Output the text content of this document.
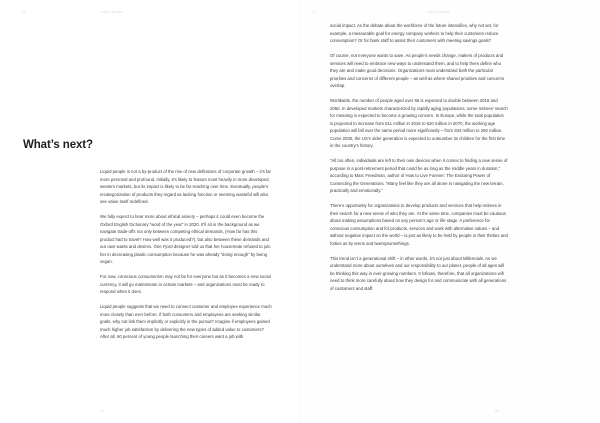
16	Liquid people
What’s next?

Liquid people is not a by-product of the rise of new definitions of corporate growth – it’s far more personal and profound. Initially, it’s likely to feature most heavily in more developed, western markets, but its impact is likely to be far-reaching over time. Eventually, people’s recategorization of products they regard as lacking function or seeming wasteful will also see value itself redefined.

We fully expect to hear more about ethical anxiety – perhaps it could even become the Oxford English Dictionary “word of the year” in 2020. It’ll sit in the background as we navigate trade-offs not only between competing ethical demands, (How far has this product had to travel? How well was it produced?), but also between these demands and our own wants and desires. One Fjord designer told us that her housemate refused to join her in decreasing plastic consumption because he was already “doing enough” by being vegan.

For now, conscious consumerism may not be for everyone but as it becomes a new social currency, it will go mainstream in certain markets – and organizations must be ready to respond when it does.

Liquid people suggests that we need to connect customer and employee experience much more closely than ever before. If both consumers and employees are seeking similar goals, why not link them implicitly or explicitly in the pursuit? Imagine if employees gained much higher job satisfaction by delivering the new types of added value to customers? After all, 60 percent of young people launching their careers want a job with

17
17	Liquid people

social impact. As the debate about the workforce of the future intensifies, why not set, for example, a measurable goal for energy company workers to help their customers reduce consumption? Or for bank staff to assist their customers with meeting savings goals?

Of course, not everyone wants to save. As people’s needs change, makers of products and services will need to embrace new ways to understand them, and to help them define who they are and make good decisions. Organizations must understand both the particular priorities and concerns of different people – as well as where shared priorities and concerns overlap.

Worldwide, the number of people aged over 65 is expected to double between 2019 and 2050. In developed markets characterized by rapidly aging populations, some retirees’ search for meaning is expected to become a growing concern. In Europe, while the total population is projected to increase from 511 million in 2016 to 520 million in 2070, the working age population will fall over the same period more significantly – from 333 million to 292 million. Come 2030, the US’s older generation is expected to outnumber its children for the first time in the country’s history.

“All too often, individuals are left to their own devices when it comes to finding a new sense of purpose in a post-retirement period that could be as long as the middle years in duration,” according to Marc Freedman, author of How to Live Forever: The Enduring Power of Connecting the Generations. “Many feel like they are all alone in navigating the new terrain, practically and emotionally.”

There’s opportunity for organizations to develop products and services that help retirees in their search for a new sense of who they are. At the same time, companies must be cautious about making assumptions based on any person’s age or life stage. A preference for conscious consumption and for products, services and work with alternative values – and without negative impact on the world – is just as likely to be held by people in their thirties and forties as by teens and twentysomethings.

This trend isn’t a generational shift – in other words, it’s not just about Millennials. As we understand more about ourselves and our responsibility to our planet, people of all ages will be thinking this way in ever-growing numbers. It follows, therefore, that all organizations will need to think more carefully about how they design for and communicate with all generations of customers and staff.

18
